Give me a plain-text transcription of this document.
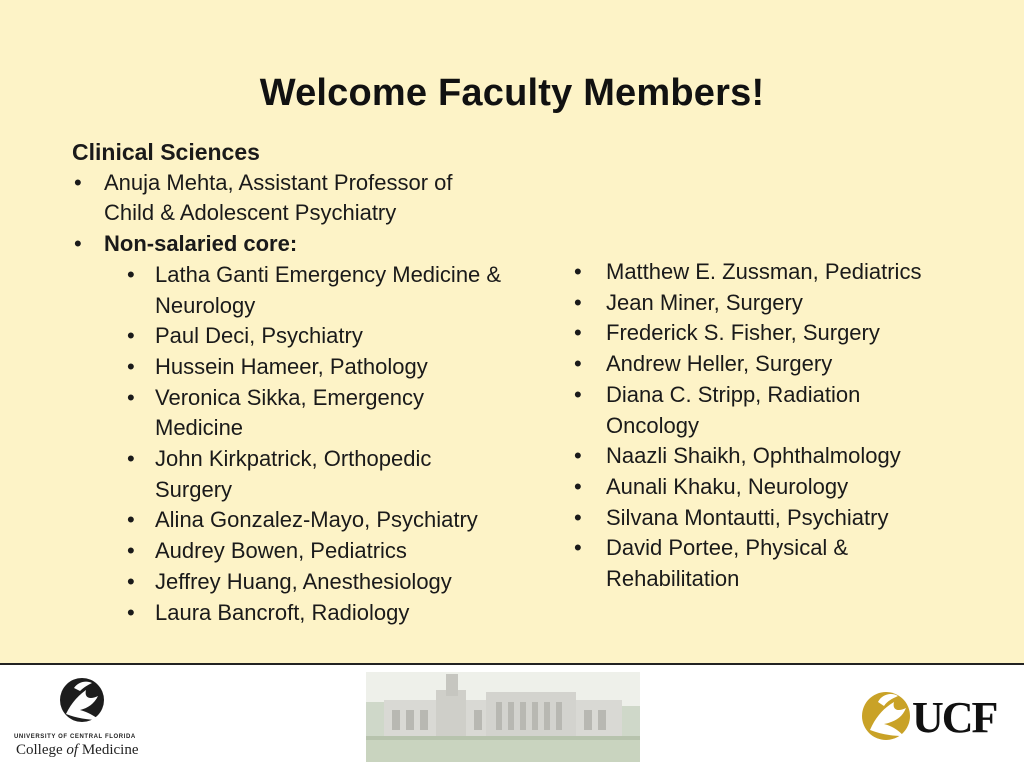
Welcome Faculty Members!
Clinical Sciences
• Anuja Mehta, Assistant Professor of Child & Adolescent Psychiatry
• Non-salaried core:
• Latha Ganti Emergency Medicine & Neurology
• Paul Deci, Psychiatry
• Hussein Hameer, Pathology
• Veronica Sikka, Emergency Medicine
• John Kirkpatrick, Orthopedic Surgery
• Alina Gonzalez-Mayo, Psychiatry
• Audrey Bowen, Pediatrics
• Jeffrey Huang, Anesthesiology
• Laura Bancroft, Radiology
• Matthew E. Zussman, Pediatrics
• Jean Miner, Surgery
• Frederick S. Fisher, Surgery
• Andrew Heller, Surgery
• Diana C. Stripp, Radiation Oncology
• Naazli Shaikh, Ophthalmology
• Aunali Khaku, Neurology
• Silvana Montautti, Psychiatry
• David Portee, Physical & Rehabilitation
UNIVERSITY OF CENTRAL FLORIDA
College of Medicine
UCF
